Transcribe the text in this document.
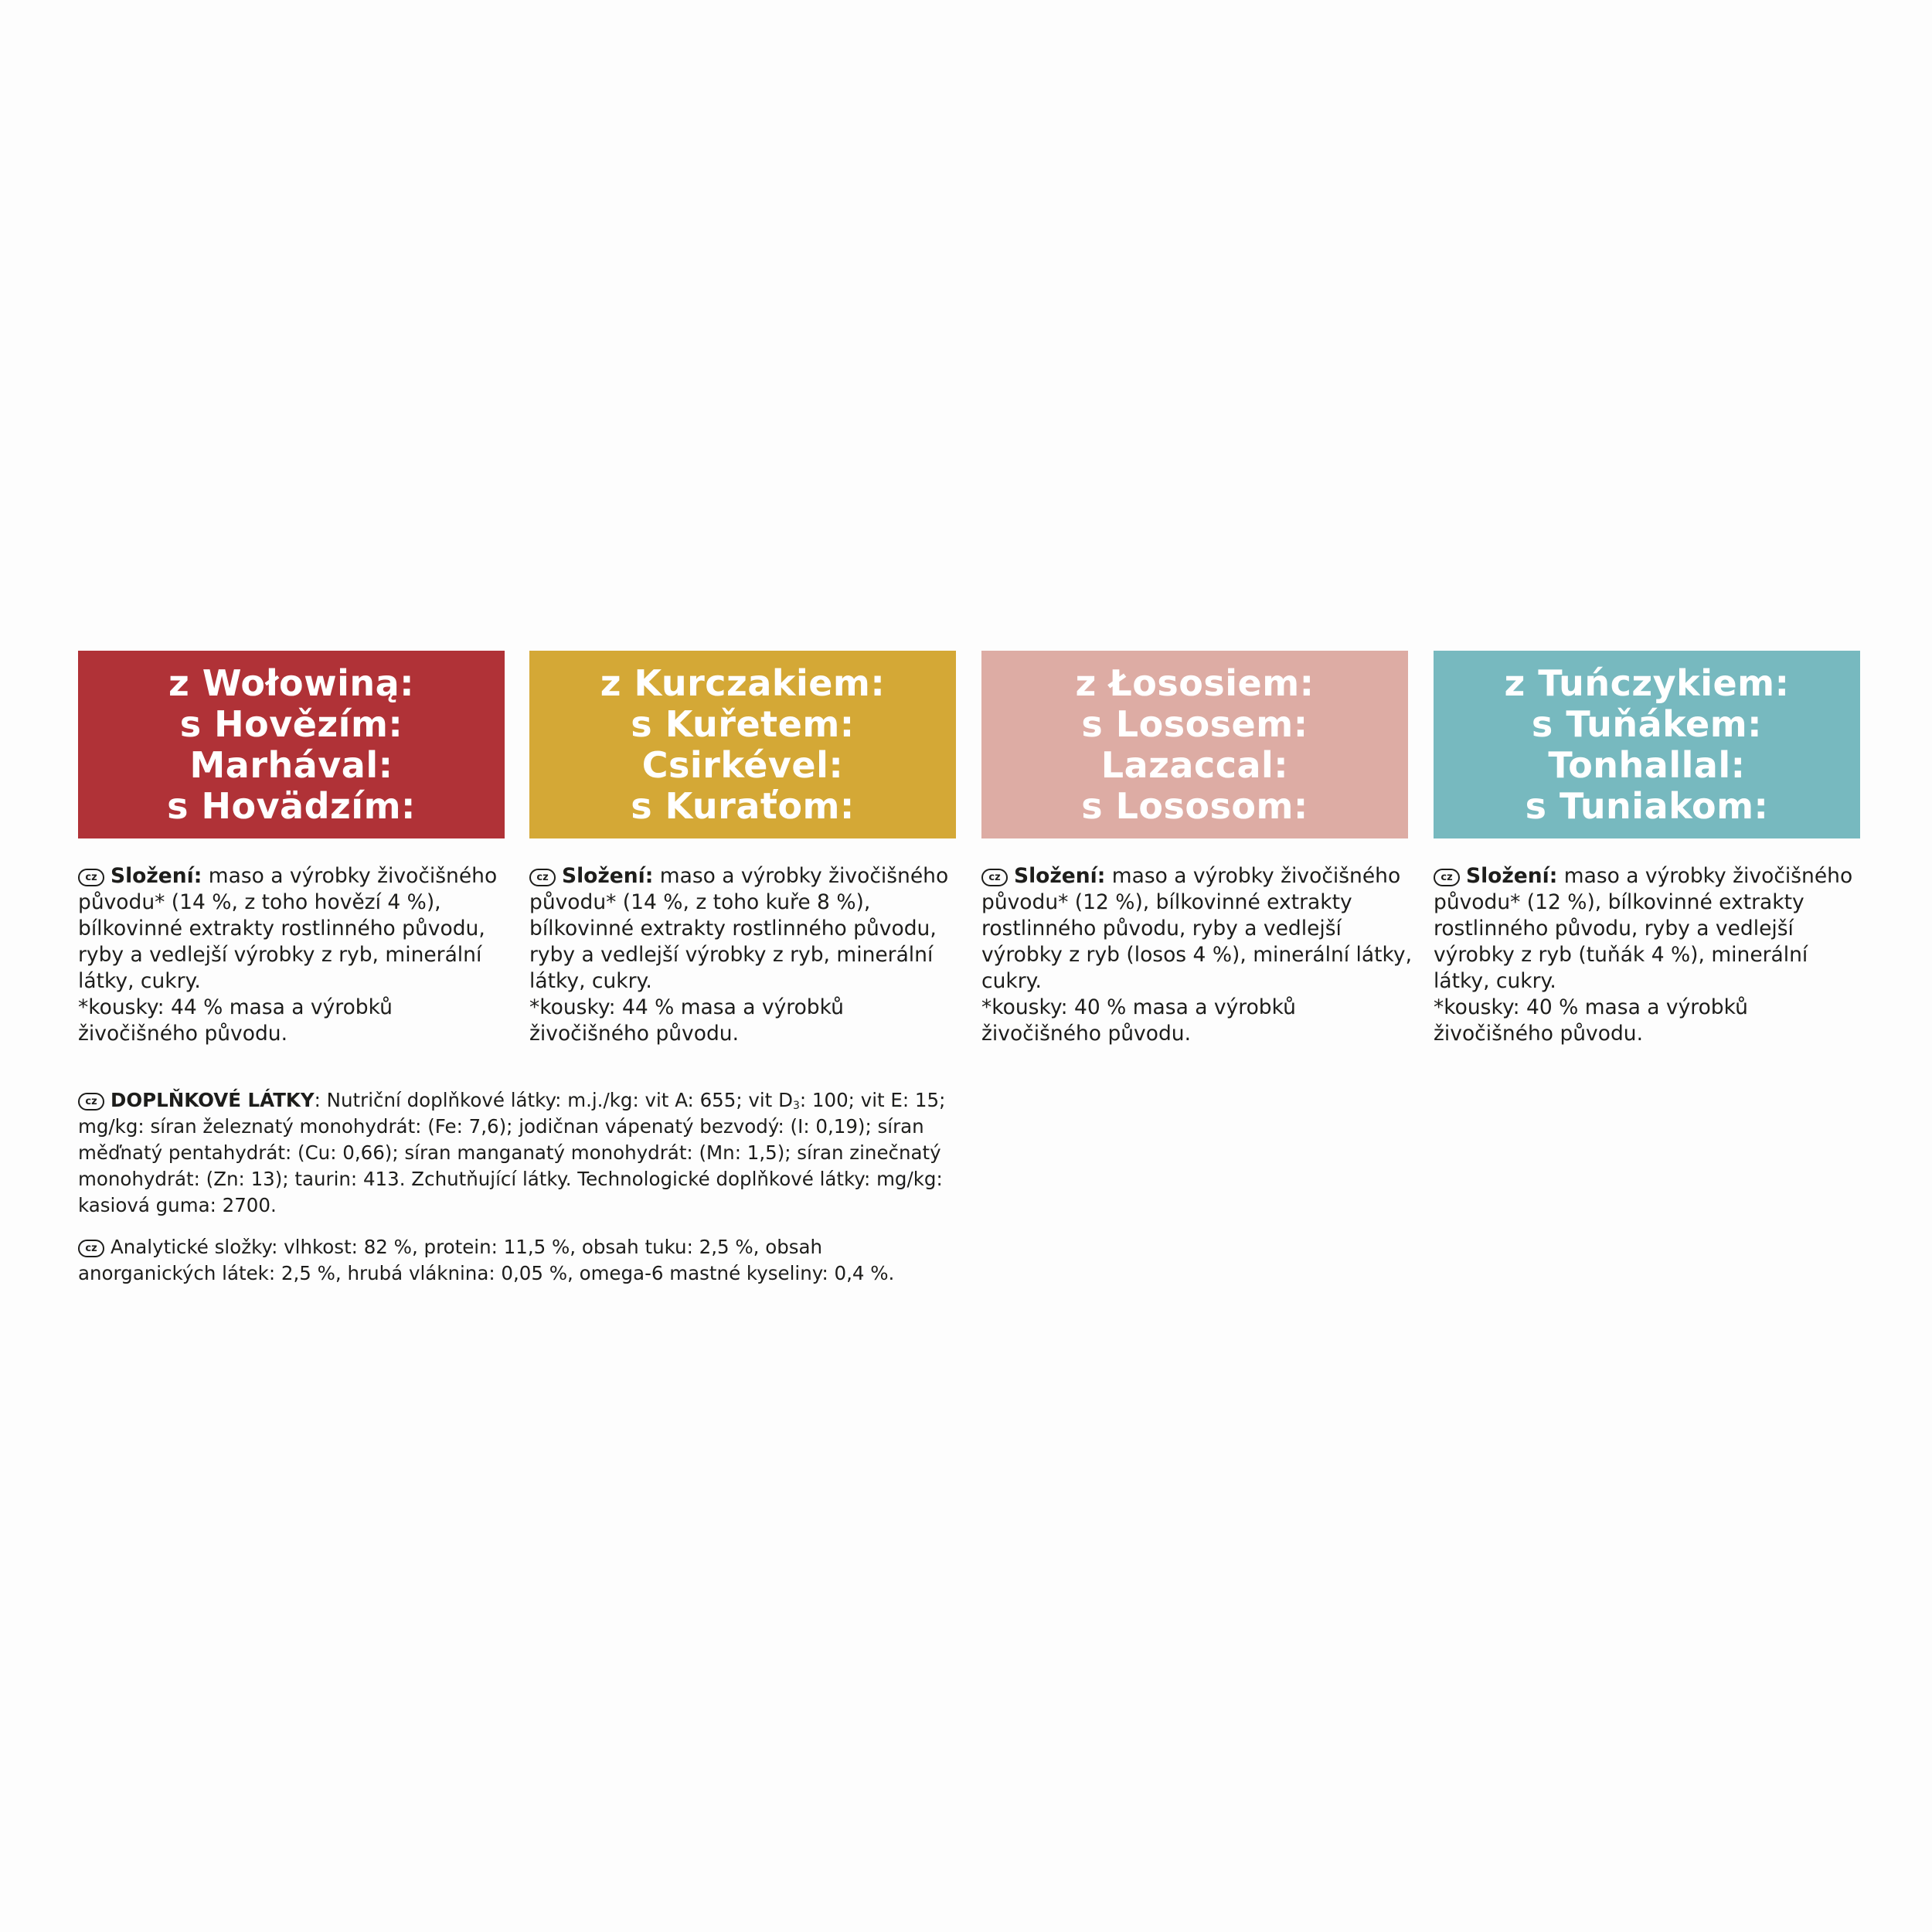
z Wołowiną:
s Hovězím:
Marhával:
s Hovädzím:
z Kurczakiem:
s Kuřetem:
Csirkével:
s Kuraťom:
z Łososiem:
s Lososem:
Lazaccal:
s Lososom:
z Tuńczykiem:
s Tuňákem:
Tonhallal:
s Tuniakom:
cz Složení: maso a výrobky živočišného původu* (14 %, z toho hovězí 4 %), bílkovinné extrakty rostlinného původu, ryby a vedlejší výrobky z ryb, minerální látky, cukry.
*kousky: 44 % masa a výrobků živočišného původu.
cz Složení: maso a výrobky živočišného původu* (14 %, z toho kuře 8 %), bílkovinné extrakty rostlinného původu, ryby a vedlejší výrobky z ryb, minerální látky, cukry.
*kousky: 44 % masa a výrobků živočišného původu.
cz Složení: maso a výrobky živočišného původu* (12 %), bílkovinné extrakty rostlinného původu, ryby a vedlejší výrobky z ryb (losos 4 %), minerální látky, cukry.
*kousky: 40 % masa a výrobků živočišného původu.
cz Složení: maso a výrobky živočišného původu* (12 %), bílkovinné extrakty rostlinného původu, ryby a vedlejší výrobky z ryb (tuňák 4 %), minerální látky, cukry.
*kousky: 40 % masa a výrobků živočišného původu.
cz DOPLŇKOVÉ LÁTKY: Nutriční doplňkové látky: m.j./kg: vit A: 655; vit $D_3$: 100; vit E: 15; mg/kg: síran železnatý monohydrát: (Fe: 7,6); jodičnan vápenatý bezvodý: (I: 0,19); síran měďnatý pentahydrát: (Cu: 0,66); síran manganatý monohydrát: (Mn: 1,5); síran zinečnatý monohydrát: (Zn: 13); taurin: 413. Zchutňující látky. Technologické doplňkové látky: mg/kg: kasiová guma: 2700.
cz Analytické složky: vlhkost: 82 %, protein: 11,5 %, obsah tuku: 2,5 %, obsah anorganických látek: 2,5 %, hrubá vláknina: 0,05 %, omega-6 mastné kyseliny: 0,4 %.
